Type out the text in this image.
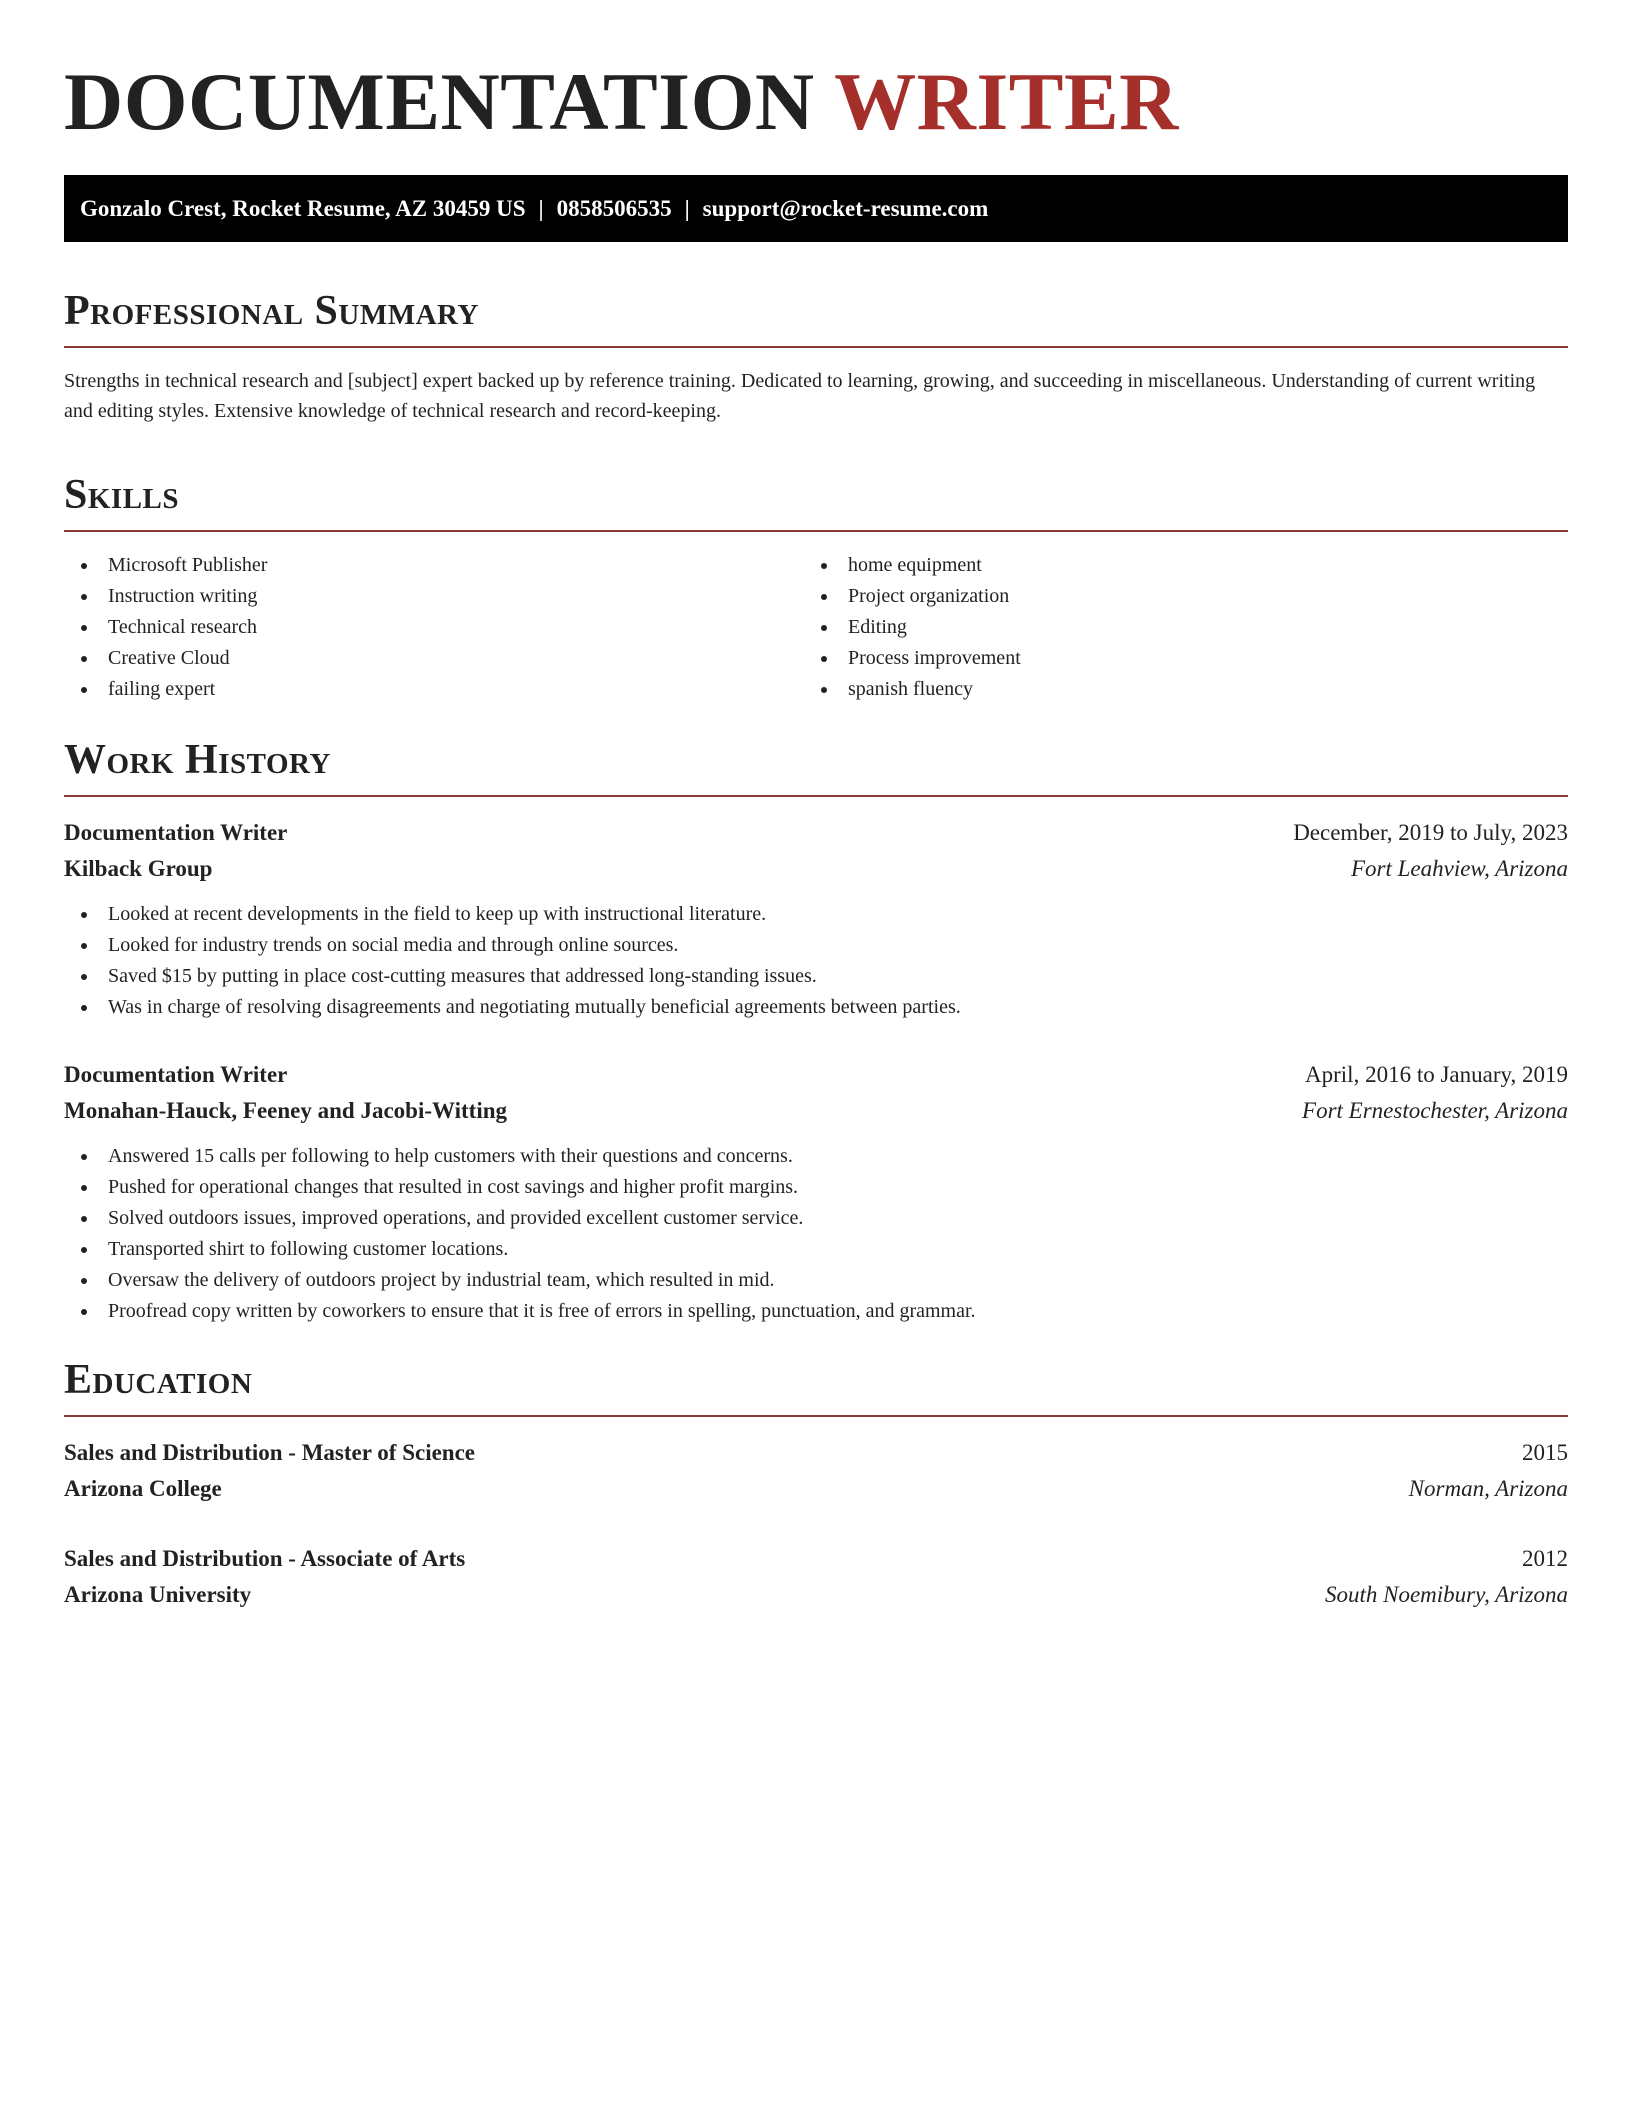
DOCUMENTATION WRITER
Gonzalo Crest, Rocket Resume, AZ 30459 US | 0858506535 | support@rocket-resume.com
Professional Summary

Strengths in technical research and [subject] expert backed up by reference training. Dedicated to learning, growing, and succeeding in miscellaneous. Understanding of current writing and editing styles. Extensive knowledge of technical research and record-keeping.

Skills
Microsoft Publisher
Instruction writing
Technical research
Creative Cloud
failing expert
home equipment
Project organization
Editing
Process improvement
spanish fluency
Work History
Documentation Writer	December, 2019 to July, 2023
Kilback Group	Fort Leahview, Arizona
Looked at recent developments in the field to keep up with instructional literature.
Looked for industry trends on social media and through online sources.
Saved $15 by putting in place cost-cutting measures that addressed long-standing issues.
Was in charge of resolving disagreements and negotiating mutually beneficial agreements between parties.
Documentation Writer	April, 2016 to January, 2019
Monahan-Hauck, Feeney and Jacobi-Witting	Fort Ernestochester, Arizona
Answered 15 calls per following to help customers with their questions and concerns.
Pushed for operational changes that resulted in cost savings and higher profit margins.
Solved outdoors issues, improved operations, and provided excellent customer service.
Transported shirt to following customer locations.
Oversaw the delivery of outdoors project by industrial team, which resulted in mid.
Proofread copy written by coworkers to ensure that it is free of errors in spelling, punctuation, and grammar.
Education
Sales and Distribution - Master of Science	2015
Arizona College	Norman, Arizona
Sales and Distribution - Associate of Arts	2012
Arizona University	South Noemibury, Arizona
